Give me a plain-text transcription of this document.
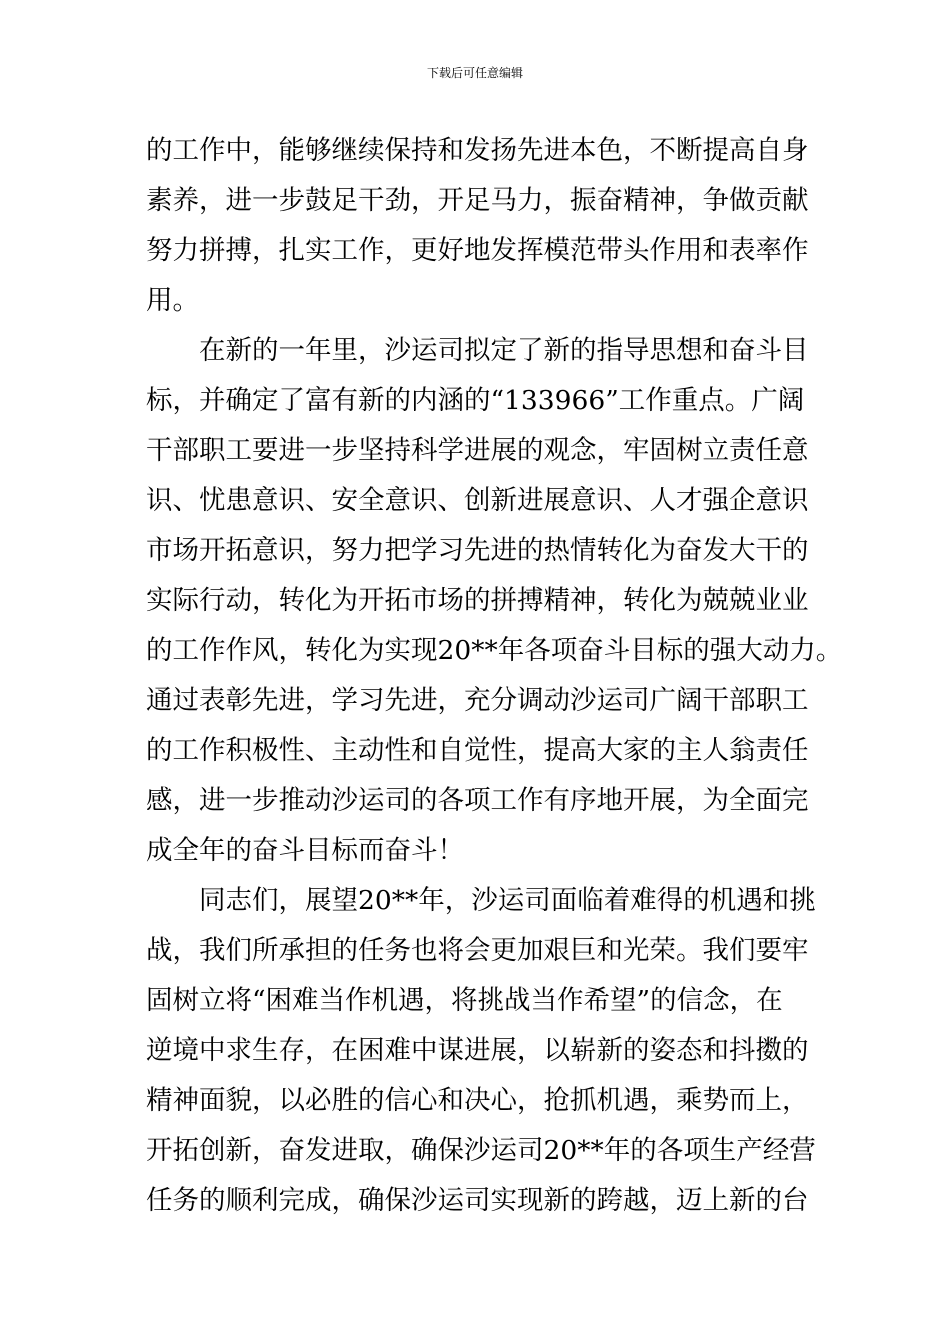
下载后可任意编辑
的工作中，能够继续保持和发扬先进本色，不断提高自身
素养，进一步鼓足干劲，开足马力，振奋精神，争做贡献
努力拼搏，扎实工作，更好地发挥模范带头作用和表率作
用。
　　在新的一年里，沙运司拟定了新的指导思想和奋斗目
标，并确定了富有新的内涵的“133966”工作重点。广阔
干部职工要进一步坚持科学进展的观念，牢固树立责任意
识、忧患意识、安全意识、创新进展意识、人才强企意识
市场开拓意识，努力把学习先进的热情转化为奋发大干的
实际行动，转化为开拓市场的拼搏精神，转化为兢兢业业
的工作作风，转化为实现20**年各项奋斗目标的强大动力。
通过表彰先进，学习先进，充分调动沙运司广阔干部职工
的工作积极性、主动性和自觉性，提高大家的主人翁责任
感，进一步推动沙运司的各项工作有序地开展，为全面完
成全年的奋斗目标而奋斗！
　　同志们，展望20**年，沙运司面临着难得的机遇和挑
战，我们所承担的任务也将会更加艰巨和光荣。我们要牢
固树立将“困难当作机遇，将挑战当作希望”的信念，在
逆境中求生存，在困难中谋进展，以崭新的姿态和抖擞的
精神面貌，以必胜的信心和决心，抢抓机遇，乘势而上，
开拓创新，奋发进取，确保沙运司20**年的各项生产经营
任务的顺利完成，确保沙运司实现新的跨越，迈上新的台
